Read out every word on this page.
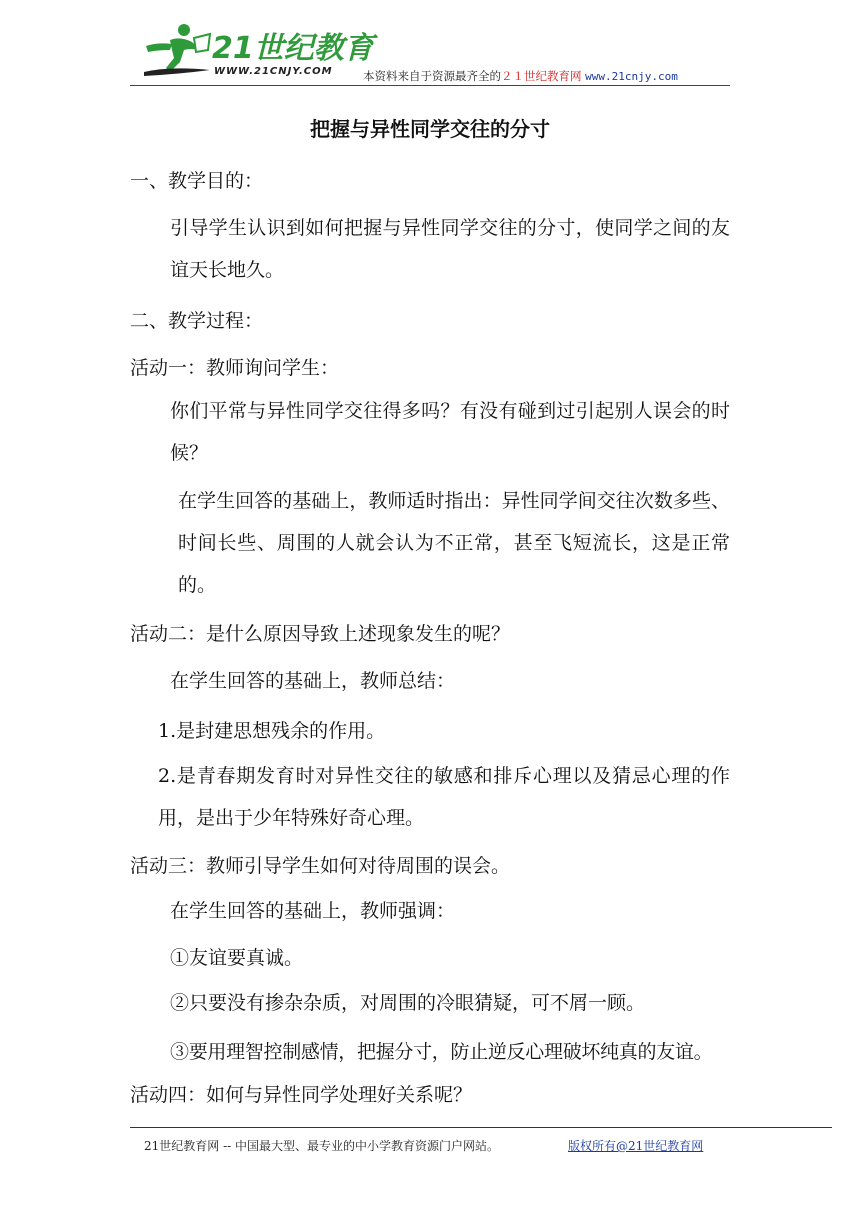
21世纪教育
WWW.21CNJY.COM	本资料来自于资源最齐全的２１世纪教育网 www.21cnjy.com
把握与异性同学交往的分寸

一、教学目的：

引导学生认识到如何把握与异性同学交往的分寸，使同学之间的友谊天长地久。

二、教学过程：

活动一：教师询问学生：

你们平常与异性同学交往得多吗？有没有碰到过引起别人误会的时候？

在学生回答的基础上，教师适时指出：异性同学间交往次数多些、时间长些、周围的人就会认为不正常，甚至飞短流长，这是正常的。

活动二：是什么原因导致上述现象发生的呢？

在学生回答的基础上，教师总结：

1.是封建思想残余的作用。

2.是青春期发育时对异性交往的敏感和排斥心理以及猜忌心理的作用，是出于少年特殊好奇心理。

活动三：教师引导学生如何对待周围的误会。

在学生回答的基础上，教师强调：

①友谊要真诚。

②只要没有掺杂杂质，对周围的冷眼猜疑，可不屑一顾。

③要用理智控制感情，把握分寸，防止逆反心理破坏纯真的友谊。

活动四：如何与异性同学处理好关系呢？

21世纪教育网 -- 中国最大型、最专业的中小学教育资源门户网站。	版权所有@21世纪教育网
